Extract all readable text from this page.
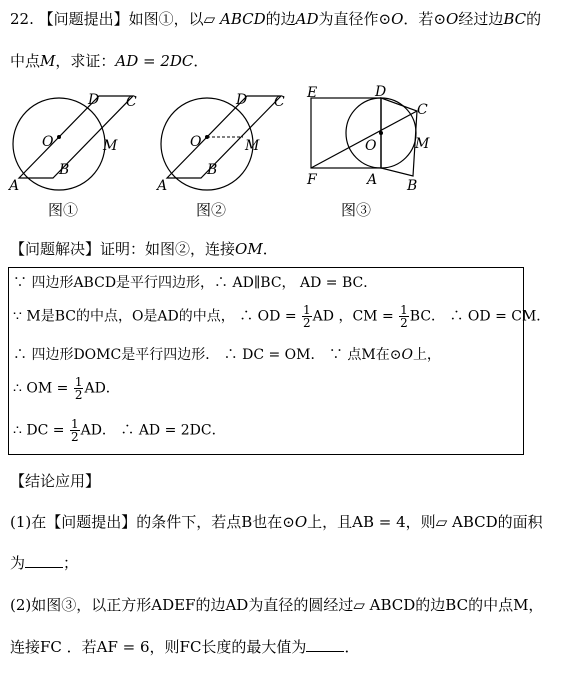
22. 【问题提出】如图①，以▱ ABCD的边AD为直径作⊙O．若⊙O经过边BC的
中点M，求证：AD = 2DC．
A
B
C
D
O	M
图①
A
B
C
D
O	M
图②
E	D
C
M
O
F	A B
图③
【问题解决】证明：如图②，连接OM．
∵ 四边形ABCD是平行四边形，∴ AD∥BC， AD = BC．
∵ M是BC的中点，O是AD的中点， ∴ OD = $\frac{1}{2}$ AD ，CM = $\frac{1}{2}$ BC． ∴ OD = CM．
∴ 四边形DOMC是平行四边形． ∴ DC = OM． ∵ 点M在⊙O上，
∴ OM = $\frac{1}{2}$ AD．
∴ DC = $\frac{1}{2}$ AD． ∴ AD = 2DC．
【结论应用】
(1)在【问题提出】的条件下，若点B也在⊙O上，且AB = 4，则▱ ABCD的面积
为	；
(2)如图③，以正方形ADEF的边AD为直径的圆经过▱ ABCD的边BC的中点M，
连接FC ．若AF = 6，则FC长度的最大值为	．
